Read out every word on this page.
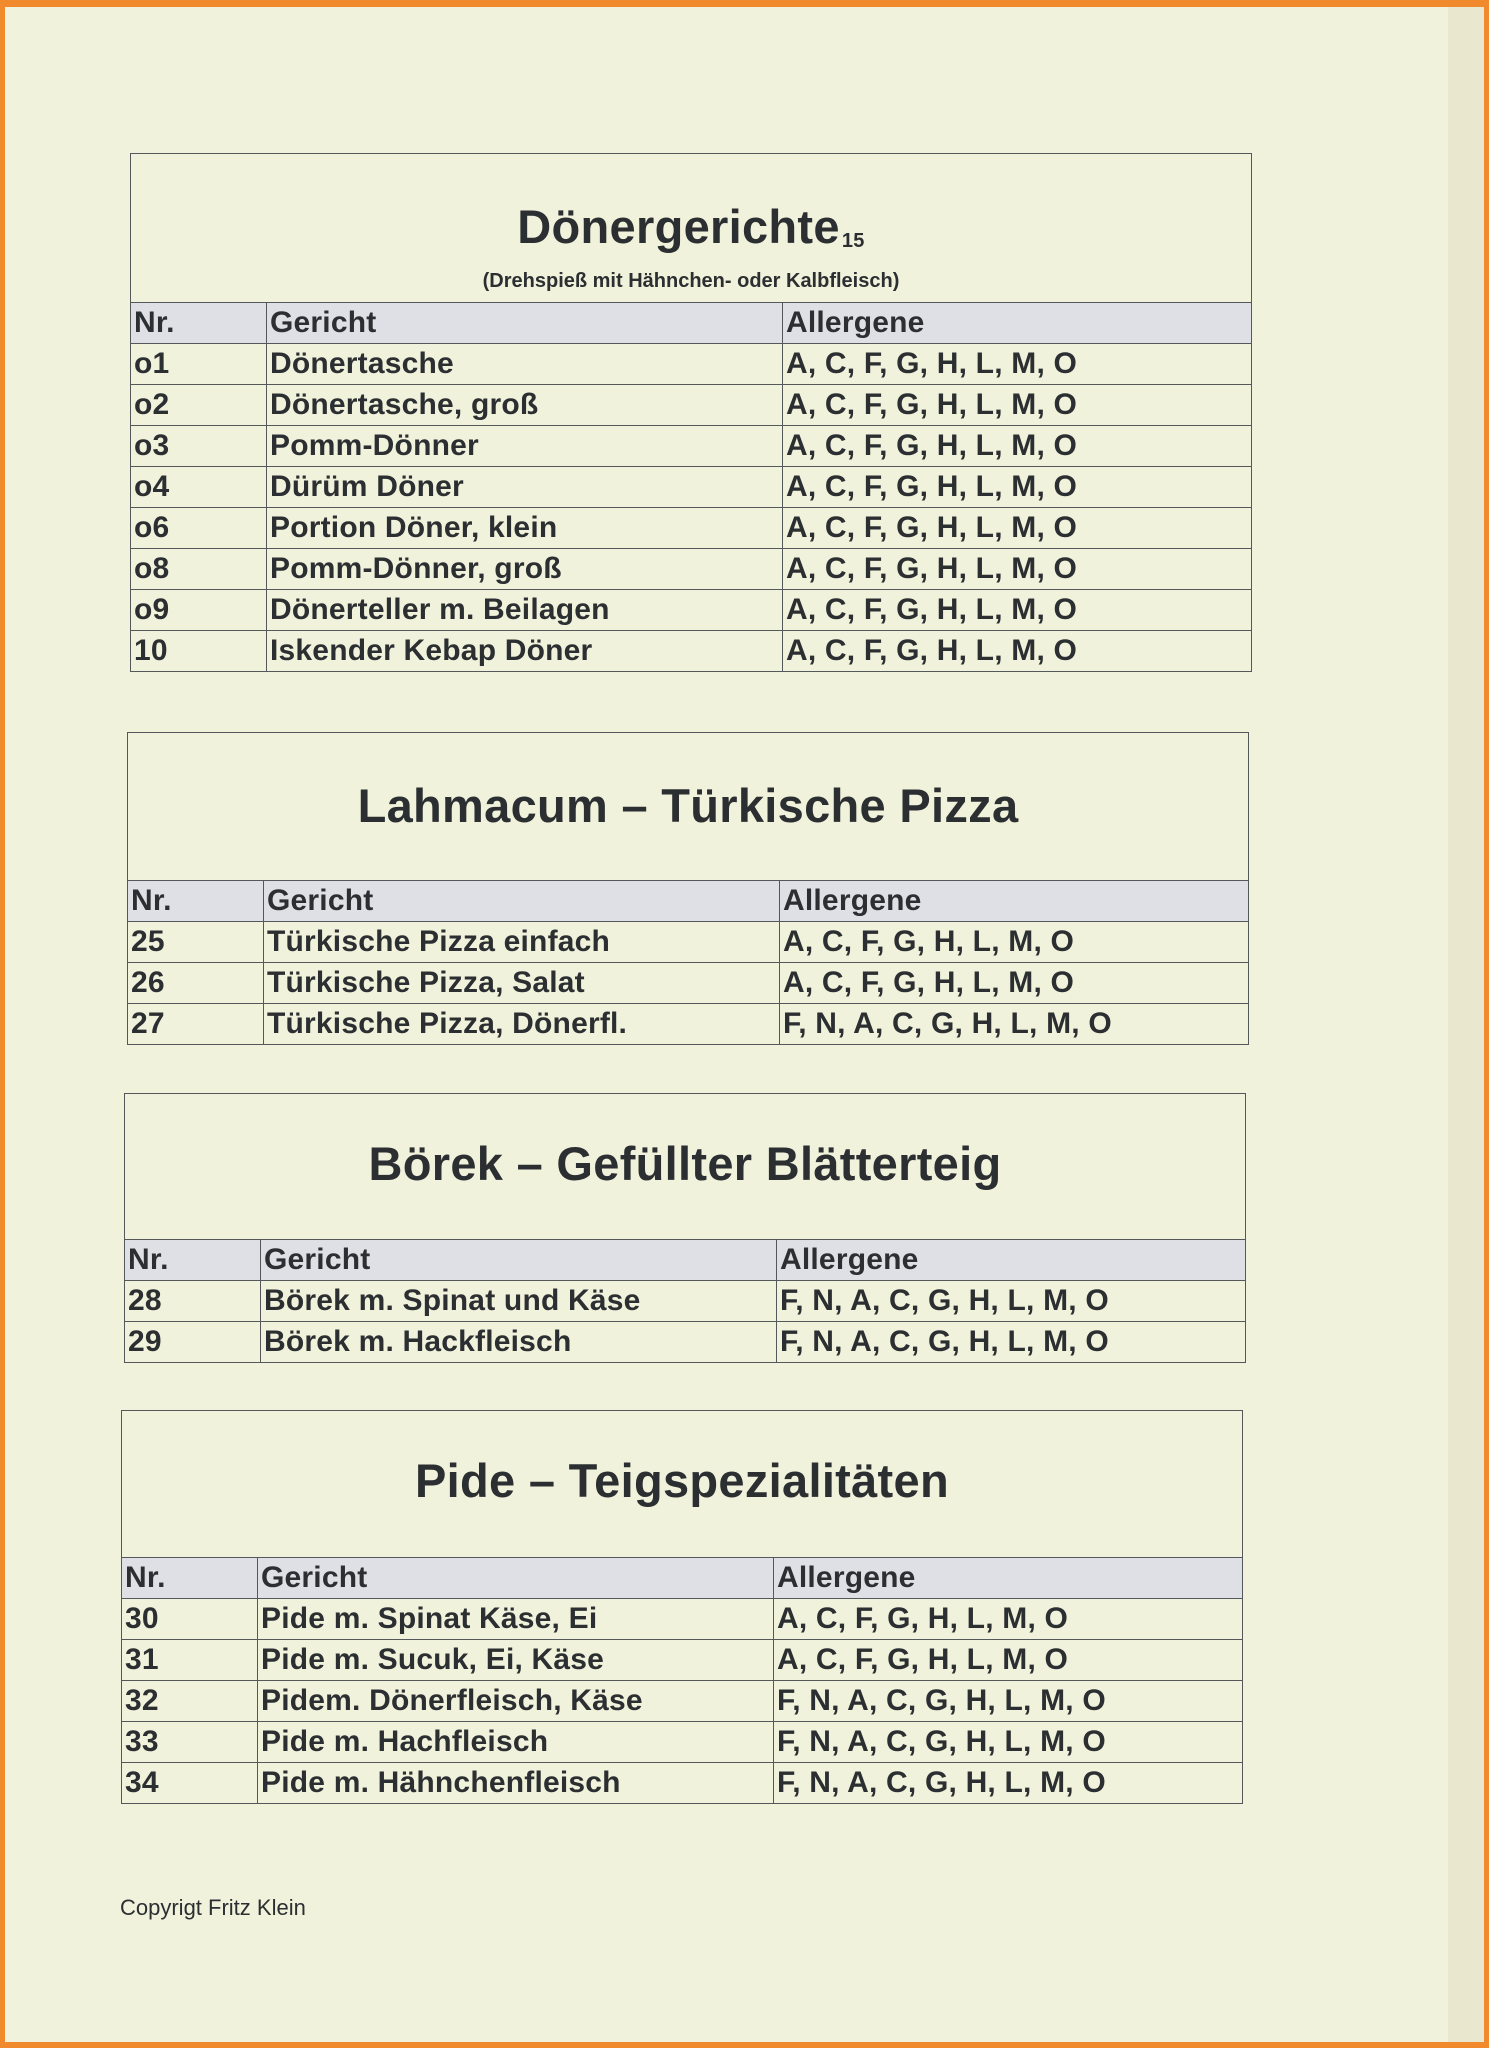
Dönergerichte $^{15}$
(Drehspieß mit Hähnchen- oder Kalbfleisch)
Nr.	Gericht	Allergene
o1	Dönertasche	A, C, F, G, H, L, M, O
o2	Dönertasche, groß	A, C, F, G, H, L, M, O
o3	Pomm-Dönner	A, C, F, G, H, L, M, O
o4	Dürüm Döner	A, C, F, G, H, L, M, O
o6	Portion Döner, klein	A, C, F, G, H, L, M, O
o8	Pomm-Dönner, groß	A, C, F, G, H, L, M, O
o9	Dönerteller m. Beilagen	A, C, F, G, H, L, M, O
10	Iskender Kebap Döner	A, C, F, G, H, L, M, O
Lahmacum – Türkische Pizza
Nr.	Gericht	Allergene
25	Türkische Pizza einfach	A, C, F, G, H, L, M, O
26	Türkische Pizza, Salat	A, C, F, G, H, L, M, O
27	Türkische Pizza, Dönerfl.	F, N, A, C, G, H, L, M, O
Börek – Gefüllter Blätterteig
Nr.	Gericht	Allergene
28	Börek m. Spinat und Käse	F, N, A, C, G, H, L, M, O
29	Börek m. Hackfleisch	F, N, A, C, G, H, L, M, O
Pide – Teigspezialitäten
Nr.	Gericht	Allergene
30	Pide m. Spinat Käse, Ei	A, C, F, G, H, L, M, O
31	Pide m. Sucuk, Ei, Käse	A, C, F, G, H, L, M, O
32	Pidem. Dönerfleisch, Käse	F, N, A, C, G, H, L, M, O
33	Pide m. Hachfleisch	F, N, A, C, G, H, L, M, O
34	Pide m. Hähnchenfleisch	F, N, A, C, G, H, L, M, O
Copyrigt Fritz Klein
